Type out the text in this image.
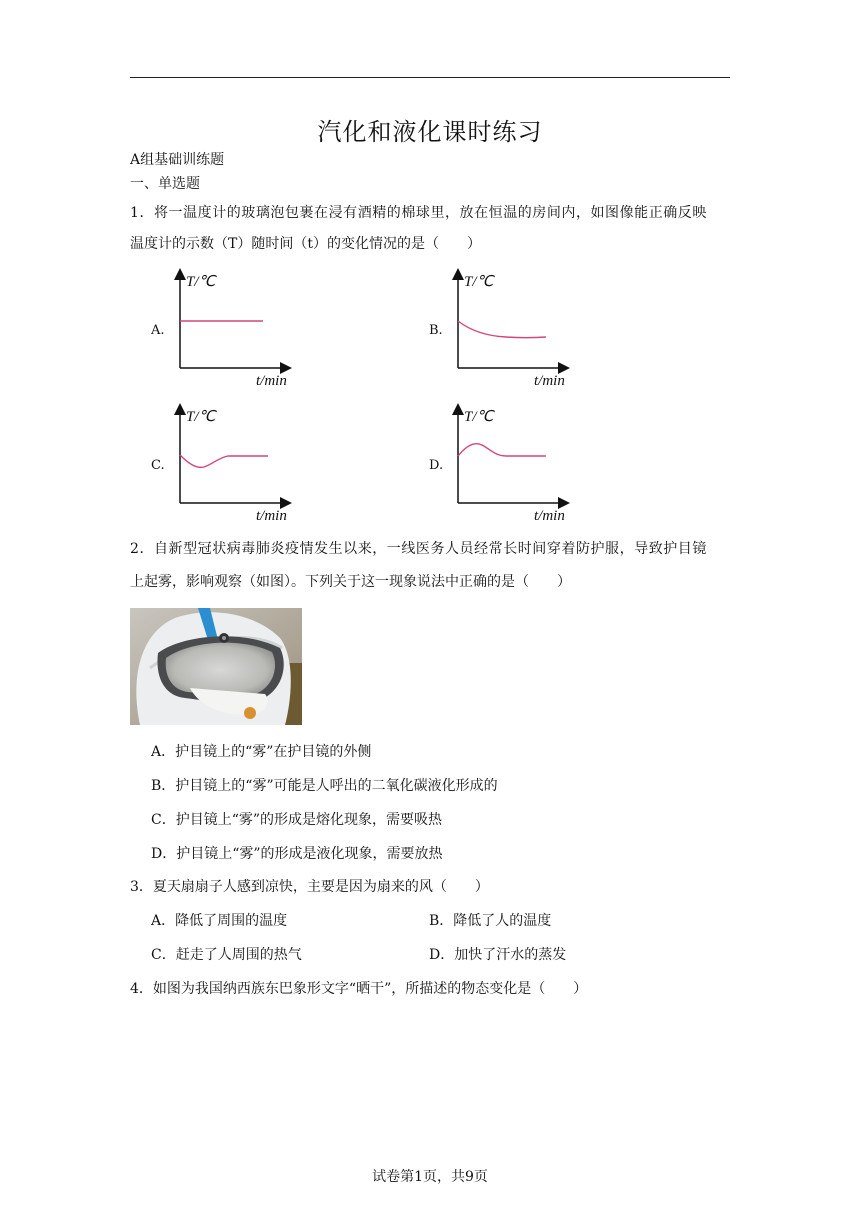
汽化和液化课时练习
A组基础训练题
一、单选题
1．将一温度计的玻璃泡包裹在浸有酒精的棉球里，放在恒温的房间内，如图像能正确反映
温度计的示数（T）随时间（t）的变化情况的是（　　）
A.	B.
C.	D.
T/℃
t/min
T/℃
t/min
T/℃
t/min
T/℃
t/min
2．自新型冠状病毒肺炎疫情发生以来，一线医务人员经常长时间穿着防护服，导致护目镜
上起雾，影响观察（如图）。下列关于这一现象说法中正确的是（　　）
A．护目镜上的“雾”在护目镜的外侧
B．护目镜上的“雾”可能是人呼出的二氧化碳液化形成的
C．护目镜上“雾”的形成是熔化现象，需要吸热
D．护目镜上“雾”的形成是液化现象，需要放热
3．夏天扇扇子人感到凉快，主要是因为扇来的风（　　）
A．降低了周围的温度	B．降低了人的温度
C．赶走了人周围的热气	D．加快了汗水的蒸发
4．如图为我国纳西族东巴象形文字“晒干”，所描述的物态变化是（　　）
试卷第1页，共9页
